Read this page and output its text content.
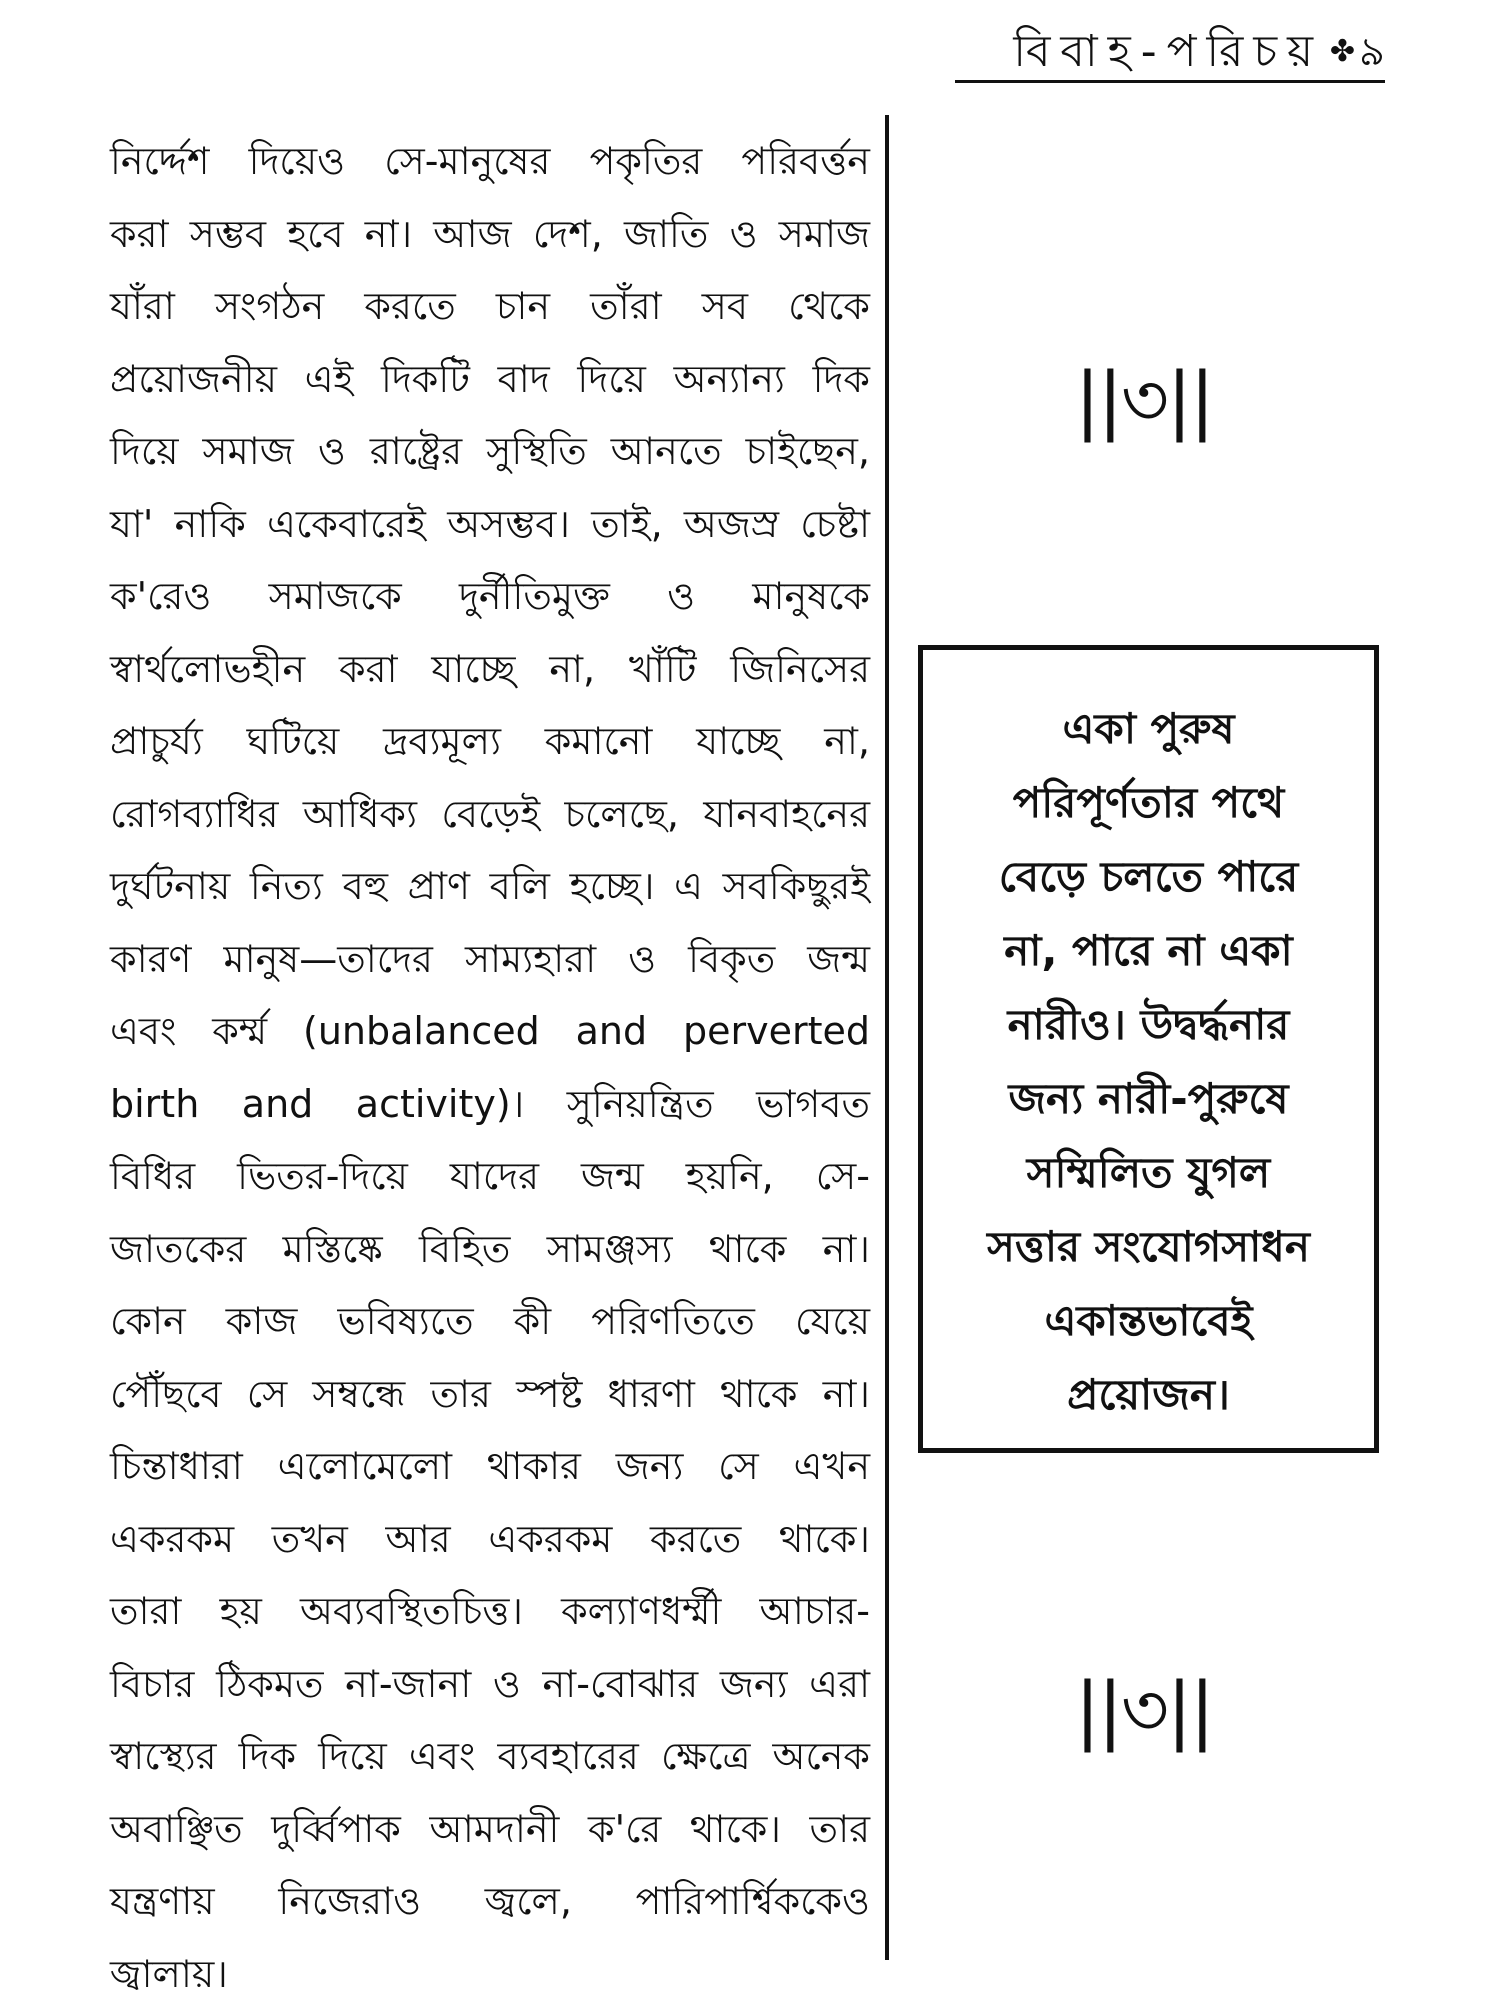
বিবাহ-পরিচয় ✤ ৯
নির্দ্দেশ দিয়েও সে-মানুষের পকৃতির পরিবর্ত্তন
করা সম্ভব হবে না। আজ দেশ, জাতি ও সমাজ
যাঁরা সংগঠন করতে চান তাঁরা সব থেকে
প্রয়োজনীয় এই দিকটি বাদ দিয়ে অন্যান্য দিক
দিয়ে সমাজ ও রাষ্ট্রের সুস্থিতি আনতে চাইছেন,
যা' নাকি একেবারেই অসম্ভব। তাই, অজস্র চেষ্টা
ক'রেও সমাজকে দুর্নীতিমুক্ত ও মানুষকে
স্বার্থলোভহীন করা যাচ্ছে না, খাঁটি জিনিসের
প্রাচুর্য্য ঘটিয়ে দ্রব্যমূল্য কমানো যাচ্ছে না,
রোগব্যাধির আধিক্য বেড়েই চলেছে, যানবাহনের
দুর্ঘটনায় নিত্য বহু প্রাণ বলি হচ্ছে। এ সবকিছুরই
কারণ মানুষ—তাদের সাম্যহারা ও বিকৃত জন্ম
এবং কর্ম্ম (unbalanced and perverted
birth and activity)। সুনিয়ন্ত্রিত ভাগবত
বিধির ভিতর-দিয়ে যাদের জন্ম হয়নি, সে-
জাতকের মস্তিষ্কে বিহিত সামঞ্জস্য থাকে না।
কোন কাজ ভবিষ্যতে কী পরিণতিতে যেয়ে
পৌঁছবে সে সম্বন্ধে তার স্পষ্ট ধারণা থাকে না।
চিন্তাধারা এলোমেলো থাকার জন্য সে এখন
একরকম তখন আর একরকম করতে থাকে।
তারা হয় অব্যবস্থিতচিত্ত। কল্যাণধর্ম্মী আচার-
বিচার ঠিকমত না-জানা ও না-বোঝার জন্য এরা
স্বাস্থ্যের দিক দিয়ে এবং ব্যবহারের ক্ষেত্রে অনেক
অবাঞ্ছিত দুর্ব্বিপাক আমদানী ক'রে থাকে। তার
যন্ত্রণায় নিজেরাও জ্বলে, পারিপার্শ্বিককেও
জ্বালায়।
||৩||
একা পুরুষ
পরিপূর্ণতার পথে
বেড়ে চলতে পারে
না, পারে না একা
নারীও। উদ্বর্দ্ধনার
জন্য নারী-পুরুষে
সম্মিলিত যুগল
সত্তার সংযোগসাধন
একান্তভাবেই
প্রয়োজন।
||৩||
